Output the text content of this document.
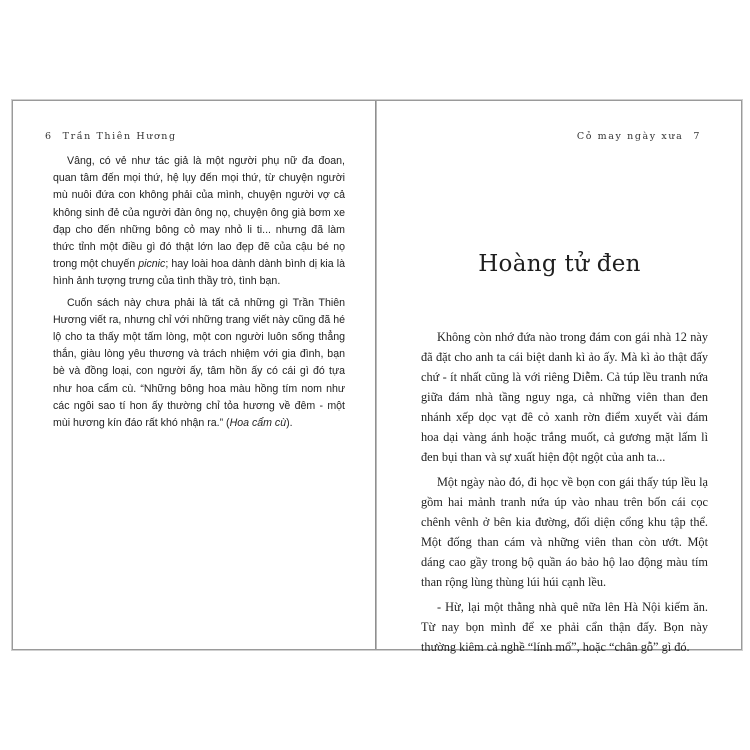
6 Trần Thiên Hương

Vâng, có vẻ như tác giả là một người phụ nữ đa đoan, quan tâm đến mọi thứ, hệ lụy đến mọi thứ, từ chuyện người mù nuôi đứa con không phải của mình, chuyện người vợ cả không sinh đẻ của người đàn ông nọ, chuyện ông già bơm xe đạp cho đến những bông cỏ may nhỏ li ti... nhưng đã làm thức tỉnh một điều gì đó thật lớn lao đẹp đẽ của cậu bé nọ trong một chuyến picnic; hay loài hoa dành dành bình dị kia là hình ảnh tượng trưng của tình thầy trò, tình bạn.

Cuốn sách này chưa phải là tất cả những gì Trần Thiên Hương viết ra, nhưng chỉ với những trang viết này cũng đã hé lộ cho ta thấy một tấm lòng, một con người luôn sống thẳng thắn, giàu lòng yêu thương và trách nhiệm với gia đình, bạn bè và đồng loại, con người ấy, tâm hồn ấy có cái gì đó tựa như hoa cẩm cù. “Những bông hoa màu hồng tím nom như các ngôi sao tí hon ấy thường chỉ tỏa hương về đêm - một mùi hương kín đáo rất khó nhận ra.” (Hoa cẩm cù).

Cỏ may ngày xưa 7
Hoàng tử đen

Không còn nhớ đứa nào trong đám con gái nhà 12 này đã đặt cho anh ta cái biệt danh kì ảo ấy. Mà kì ảo thật đấy chứ - ít nhất cũng là với riêng Diễm. Cả túp lều tranh nứa giữa đám nhà tầng nguy nga, cả những viên than đen nhánh xếp dọc vạt đê cỏ xanh rờn điểm xuyết vài đám hoa dại vàng ánh hoặc trắng muốt, cả gương mặt lấm lì đen bụi than và sự xuất hiện đột ngột của anh ta...

Một ngày nào đó, đi học về bọn con gái thấy túp lều lạ gồm hai mảnh tranh nứa úp vào nhau trên bốn cái cọc chênh vênh ở bên kia đường, đối diện cổng khu tập thể. Một đống than cám và những viên than còn ướt. Một dáng cao gầy trong bộ quần áo bảo hộ lao động màu tím than rộng lùng thùng lúi húi cạnh lều.

- Hừ, lại một thằng nhà quê nữa lên Hà Nội kiếm ăn. Từ nay bọn mình để xe phải cẩn thận đấy. Bọn này thường kiêm cả nghề “lính mổ”, hoặc “chân gỗ” gì đó.
